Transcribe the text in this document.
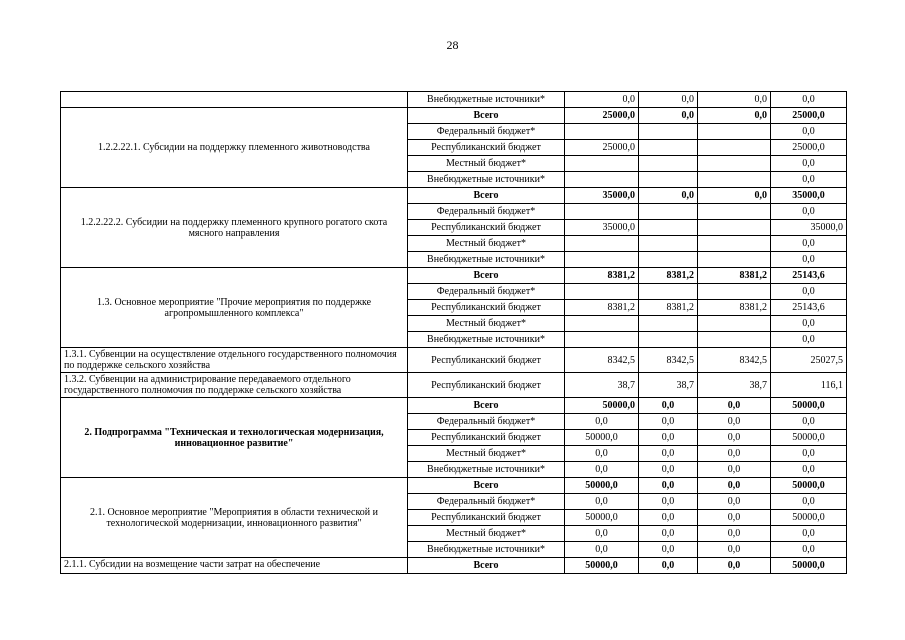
28
	Внебюджетные источники*	0,0	0,0	0,0	0,0
1.2.2.22.1. Субсидии на поддержку племенного животноводства	Всего	25000,0	0,0	0,0	25000,0
	Федеральный бюджет*				0,0
	Республиканский бюджет	25000,0			25000,0
	Местный бюджет*				0,0
	Внебюджетные источники*				0,0
1.2.2.22.2. Субсидии на поддержку племенного крупного рогатого скота мясного направления	Всего	35000,0	0,0	0,0	35000,0
	Федеральный бюджет*				0,0
	Республиканский бюджет	35000,0			35000,0
	Местный бюджет*				0,0
	Внебюджетные источники*				0,0
1.3. Основное мероприятие "Прочие мероприятия по поддержке агропромышленного комплекса"	Всего	8381,2	8381,2	8381,2	25143,6
	Федеральный бюджет*				0,0
	Республиканский бюджет	8381,2	8381,2	8381,2	25143,6
	Местный бюджет*				0,0
	Внебюджетные источники*				0,0
1.3.1. Субвенции на осуществление отдельного государственного полномочия по поддержке сельского хозяйства	Республиканский бюджет	8342,5	8342,5	8342,5	25027,5
1.3.2. Субвенции на администрирование передаваемого отдельного государственного полномочия по поддержке сельского хозяйства	Республиканский бюджет	38,7	38,7	38,7	116,1
2. Подпрограмма "Техническая и технологическая модернизация, инновационное развитие"	Всего	50000,0	0,0	0,0	50000,0
	Федеральный бюджет*	0,0	0,0	0,0	0,0
	Республиканский бюджет	50000,0	0,0	0,0	50000,0
	Местный бюджет*	0,0	0,0	0,0	0,0
	Внебюджетные источники*	0,0	0,0	0,0	0,0
2.1. Основное мероприятие "Мероприятия в области технической и технологической модернизации, инновационного развития"	Всего	50000,0	0,0	0,0	50000,0
	Федеральный бюджет*	0,0	0,0	0,0	0,0
	Республиканский бюджет	50000,0	0,0	0,0	50000,0
	Местный бюджет*	0,0	0,0	0,0	0,0
	Внебюджетные источники*	0,0	0,0	0,0	0,0
2.1.1. Субсидии на возмещение части затрат на обеспечение	Всего	50000,0	0,0	0,0	50000,0
